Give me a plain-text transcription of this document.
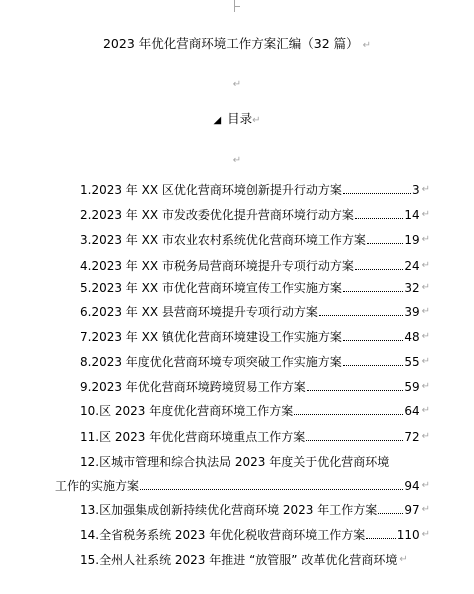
2023 年优化营商环境工作方案汇编（32 篇） ↵
↵
◢ 目录↵
↵
1.2023 年 XX 区优化营商环境创新提升行动方案	3 ↵
2.2023 年 XX 市发改委优化提升营商环境行动方案	14 ↵
3.2023 年 XX 市农业农村系统优化营商环境工作方案	19 ↵
4.2023 年 XX 市税务局营商环境提升专项行动方案	24 ↵
5.2023 年 XX 市优化营商环境宣传工作实施方案	32 ↵
6.2023 年 XX 县营商环境提升专项行动方案	39 ↵
7.2023 年 XX 镇优化营商环境建设工作实施方案	48 ↵
8.2023 年度优化营商环境专项突破工作实施方案	55 ↵
9.2023 年优化营商环境跨境贸易工作方案	59 ↵
10.区 2023 年度优化营商环境工作方案	64 ↵
11.区 2023 年优化营商环境重点工作方案	72 ↵
12.区城市管理和综合执法局 2023 年度关于优化营商环境
工作的实施方案	94 ↵
13.区加强集成创新持续优化营商环境 2023 年工作方案 97 ↵
14.全省税务系统 2023 年优化税收营商环境工作方案	110 ↵
15.全州人社系统 2023 年推进 “放管服” 改革优化营商环境 ↵
